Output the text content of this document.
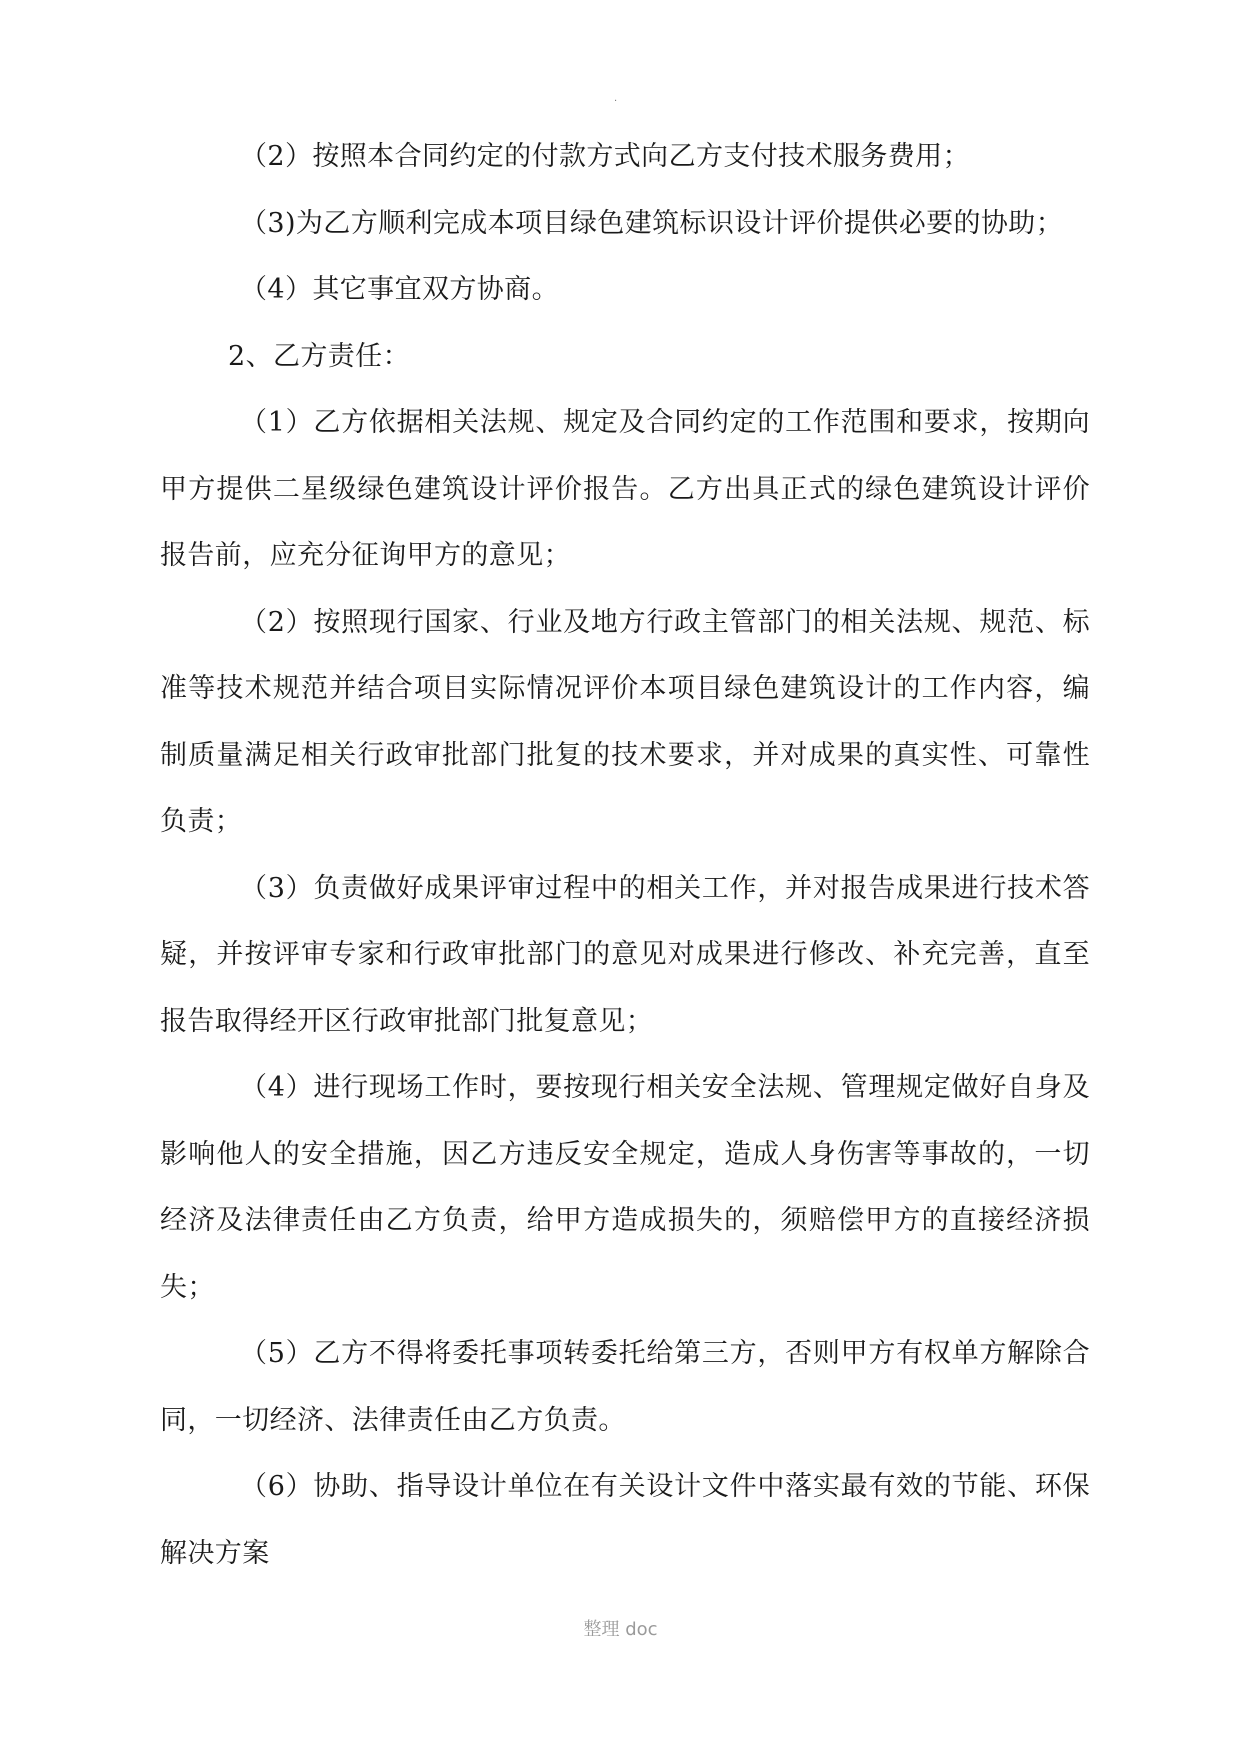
·

（2）按照本合同约定的付款方式向乙方支付技术服务费用；

（3)为乙方顺利完成本项目绿色建筑标识设计评价提供必要的协助；

（4）其它事宜双方协商。

2、乙方责任：

（1）乙方依据相关法规、规定及合同约定的工作范围和要求，按期向甲方提供二星级绿色建筑设计评价报告。乙方出具正式的绿色建筑设计评价报告前，应充分征询甲方的意见；

（2）按照现行国家、行业及地方行政主管部门的相关法规、规范、标准等技术规范并结合项目实际情况评价本项目绿色建筑设计的工作内容，编制质量满足相关行政审批部门批复的技术要求，并对成果的真实性、可靠性负责；

（3）负责做好成果评审过程中的相关工作，并对报告成果进行技术答疑，并按评审专家和行政审批部门的意见对成果进行修改、补充完善，直至报告取得经开区行政审批部门批复意见；

（4）进行现场工作时，要按现行相关安全法规、管理规定做好自身及影响他人的安全措施，因乙方违反安全规定，造成人身伤害等事故的，一切经济及法律责任由乙方负责，给甲方造成损失的，须赔偿甲方的直接经济损失；

（5）乙方不得将委托事项转委托给第三方，否则甲方有权单方解除合同，一切经济、法律责任由乙方负责。

（6）协助、指导设计单位在有关设计文件中落实最有效的节能、环保解决方案

整理 doc
